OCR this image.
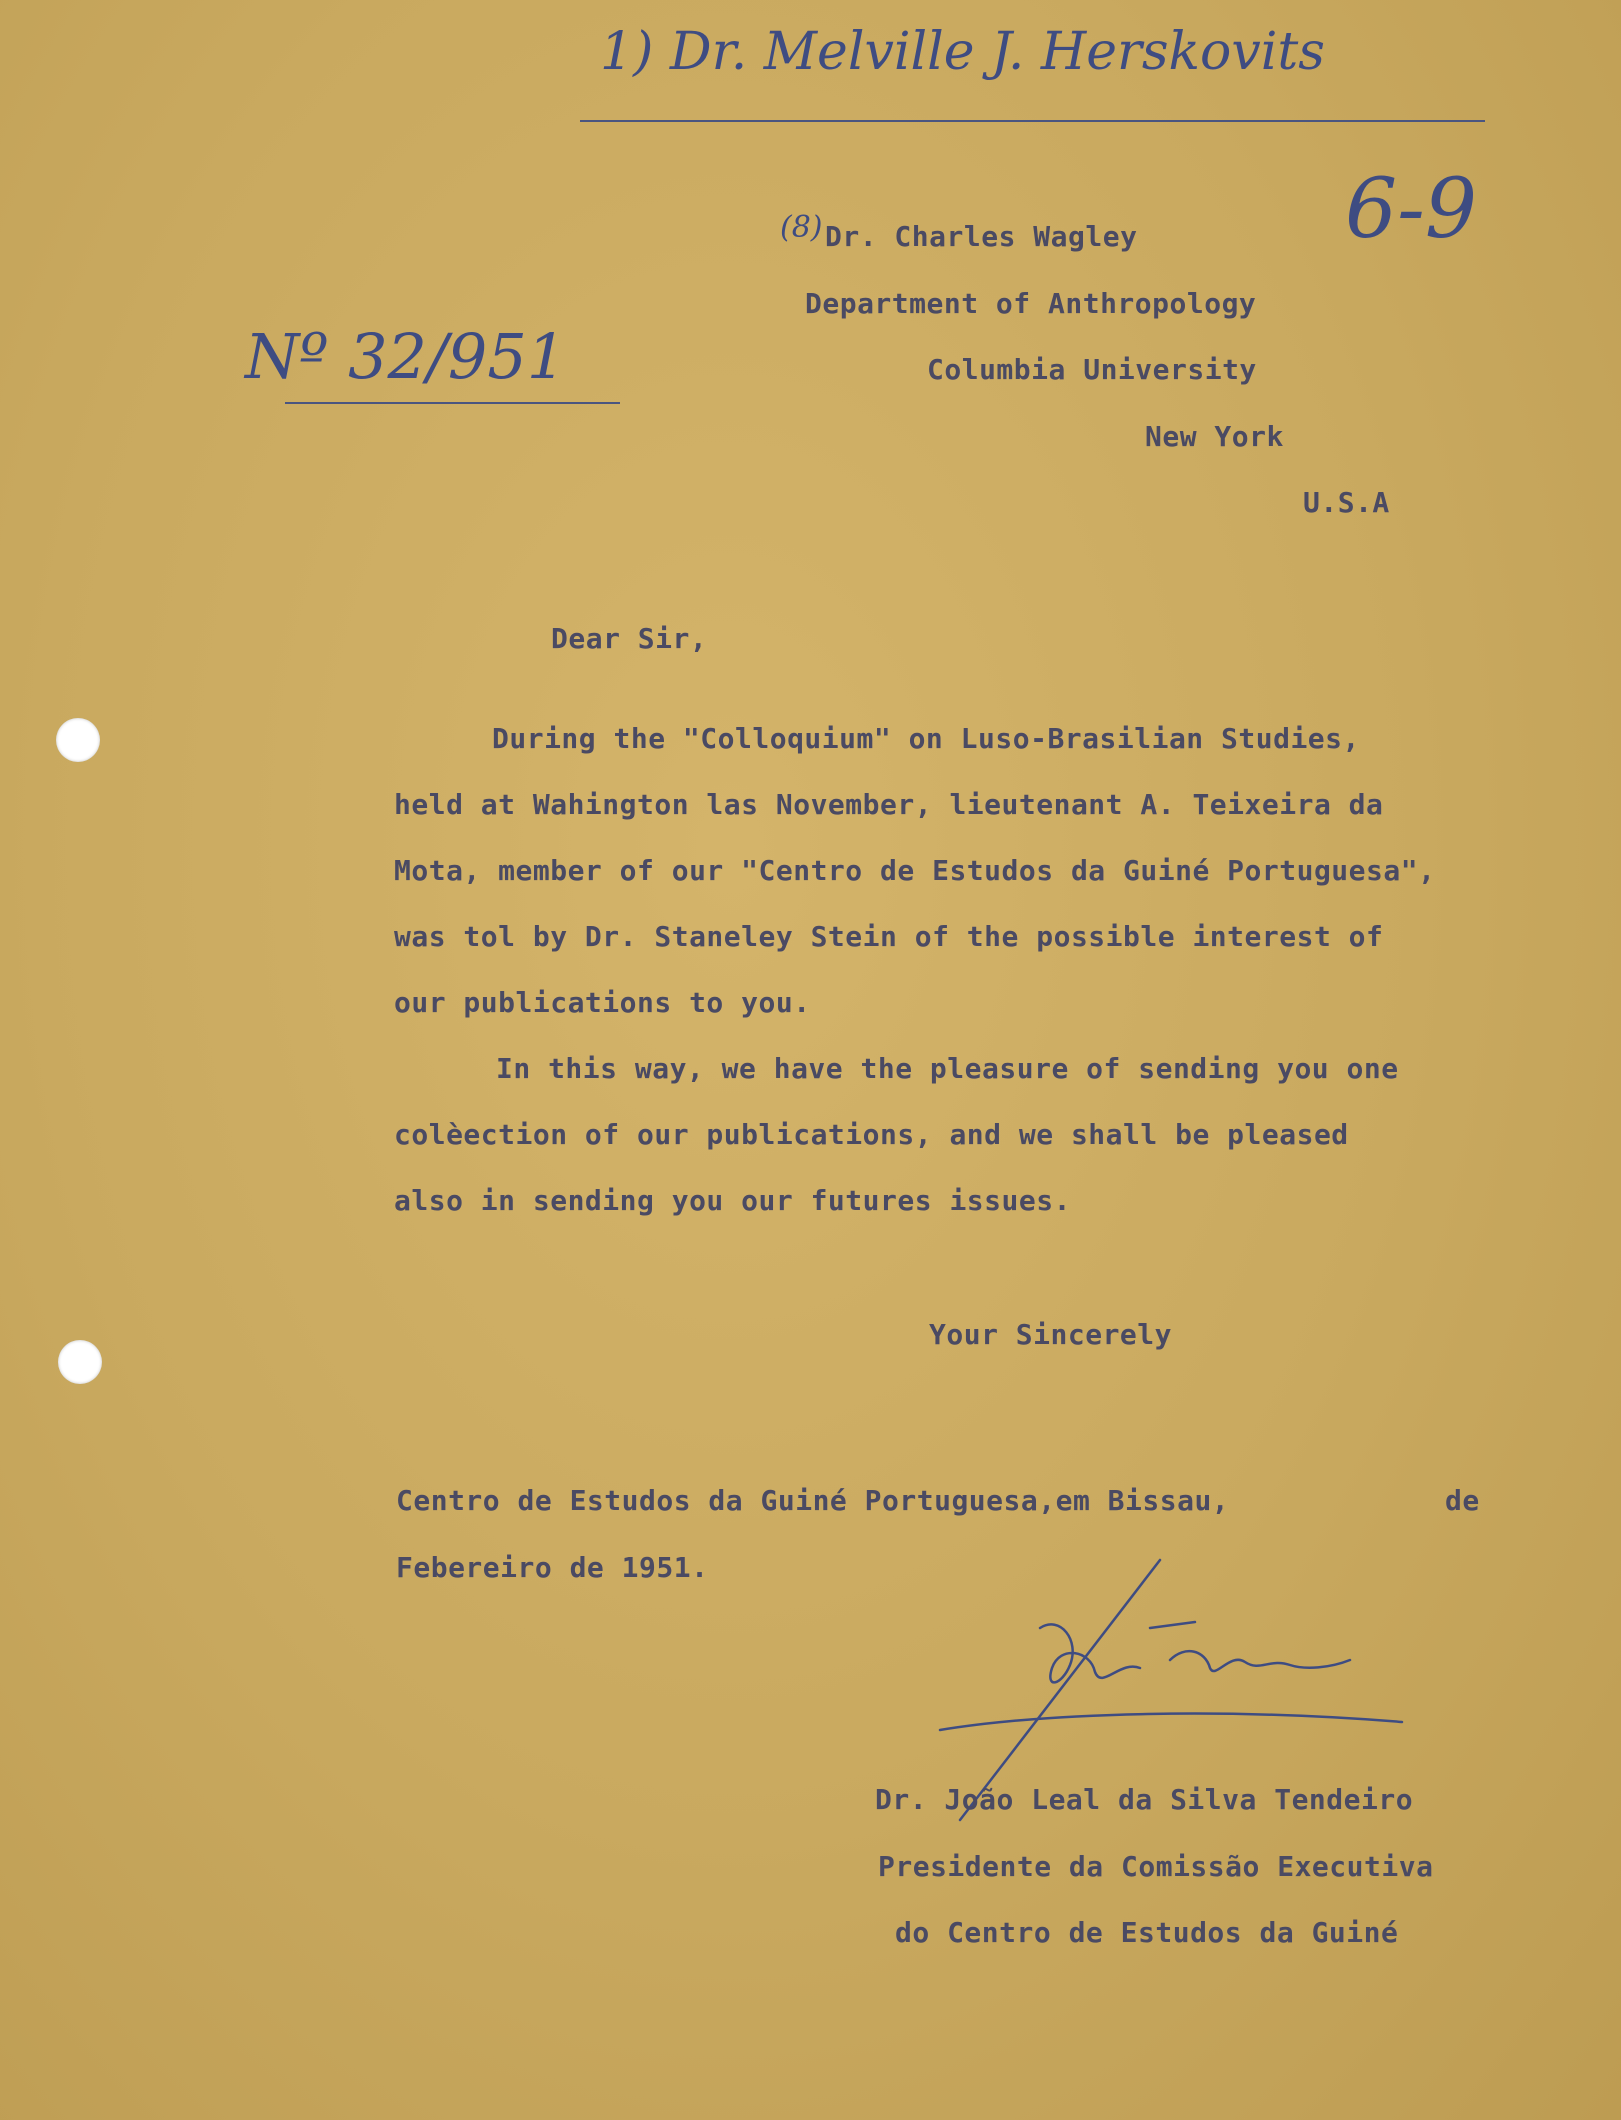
1) Dr. Melville J. Herskovits

(8)	6-9

Nº 32/951

Dr. Charles Wagley

Department of Anthropology

Columbia University

New York

U.S.A

Dear Sir,

During the "Colloquium" on Luso-Brasilian Studies,

held at Wahington las November, lieutenant A. Teixeira da

Mota, member of our "Centro de Estudos da Guiné Portuguesa",

was tol by Dr. Staneley Stein of the possible interest of

our publications to you.

In this way, we have the pleasure of sending you one

colèection of our publications, and we shall be pleased

also in sending you our futures issues.

Your Sincerely

Centro de Estudos da Guiné Portuguesa,em Bissau,	de

Febereiro de 1951.

Dr. João Leal da Silva Tendeiro

Presidente da Comissão Executiva

do Centro de Estudos da Guiné
